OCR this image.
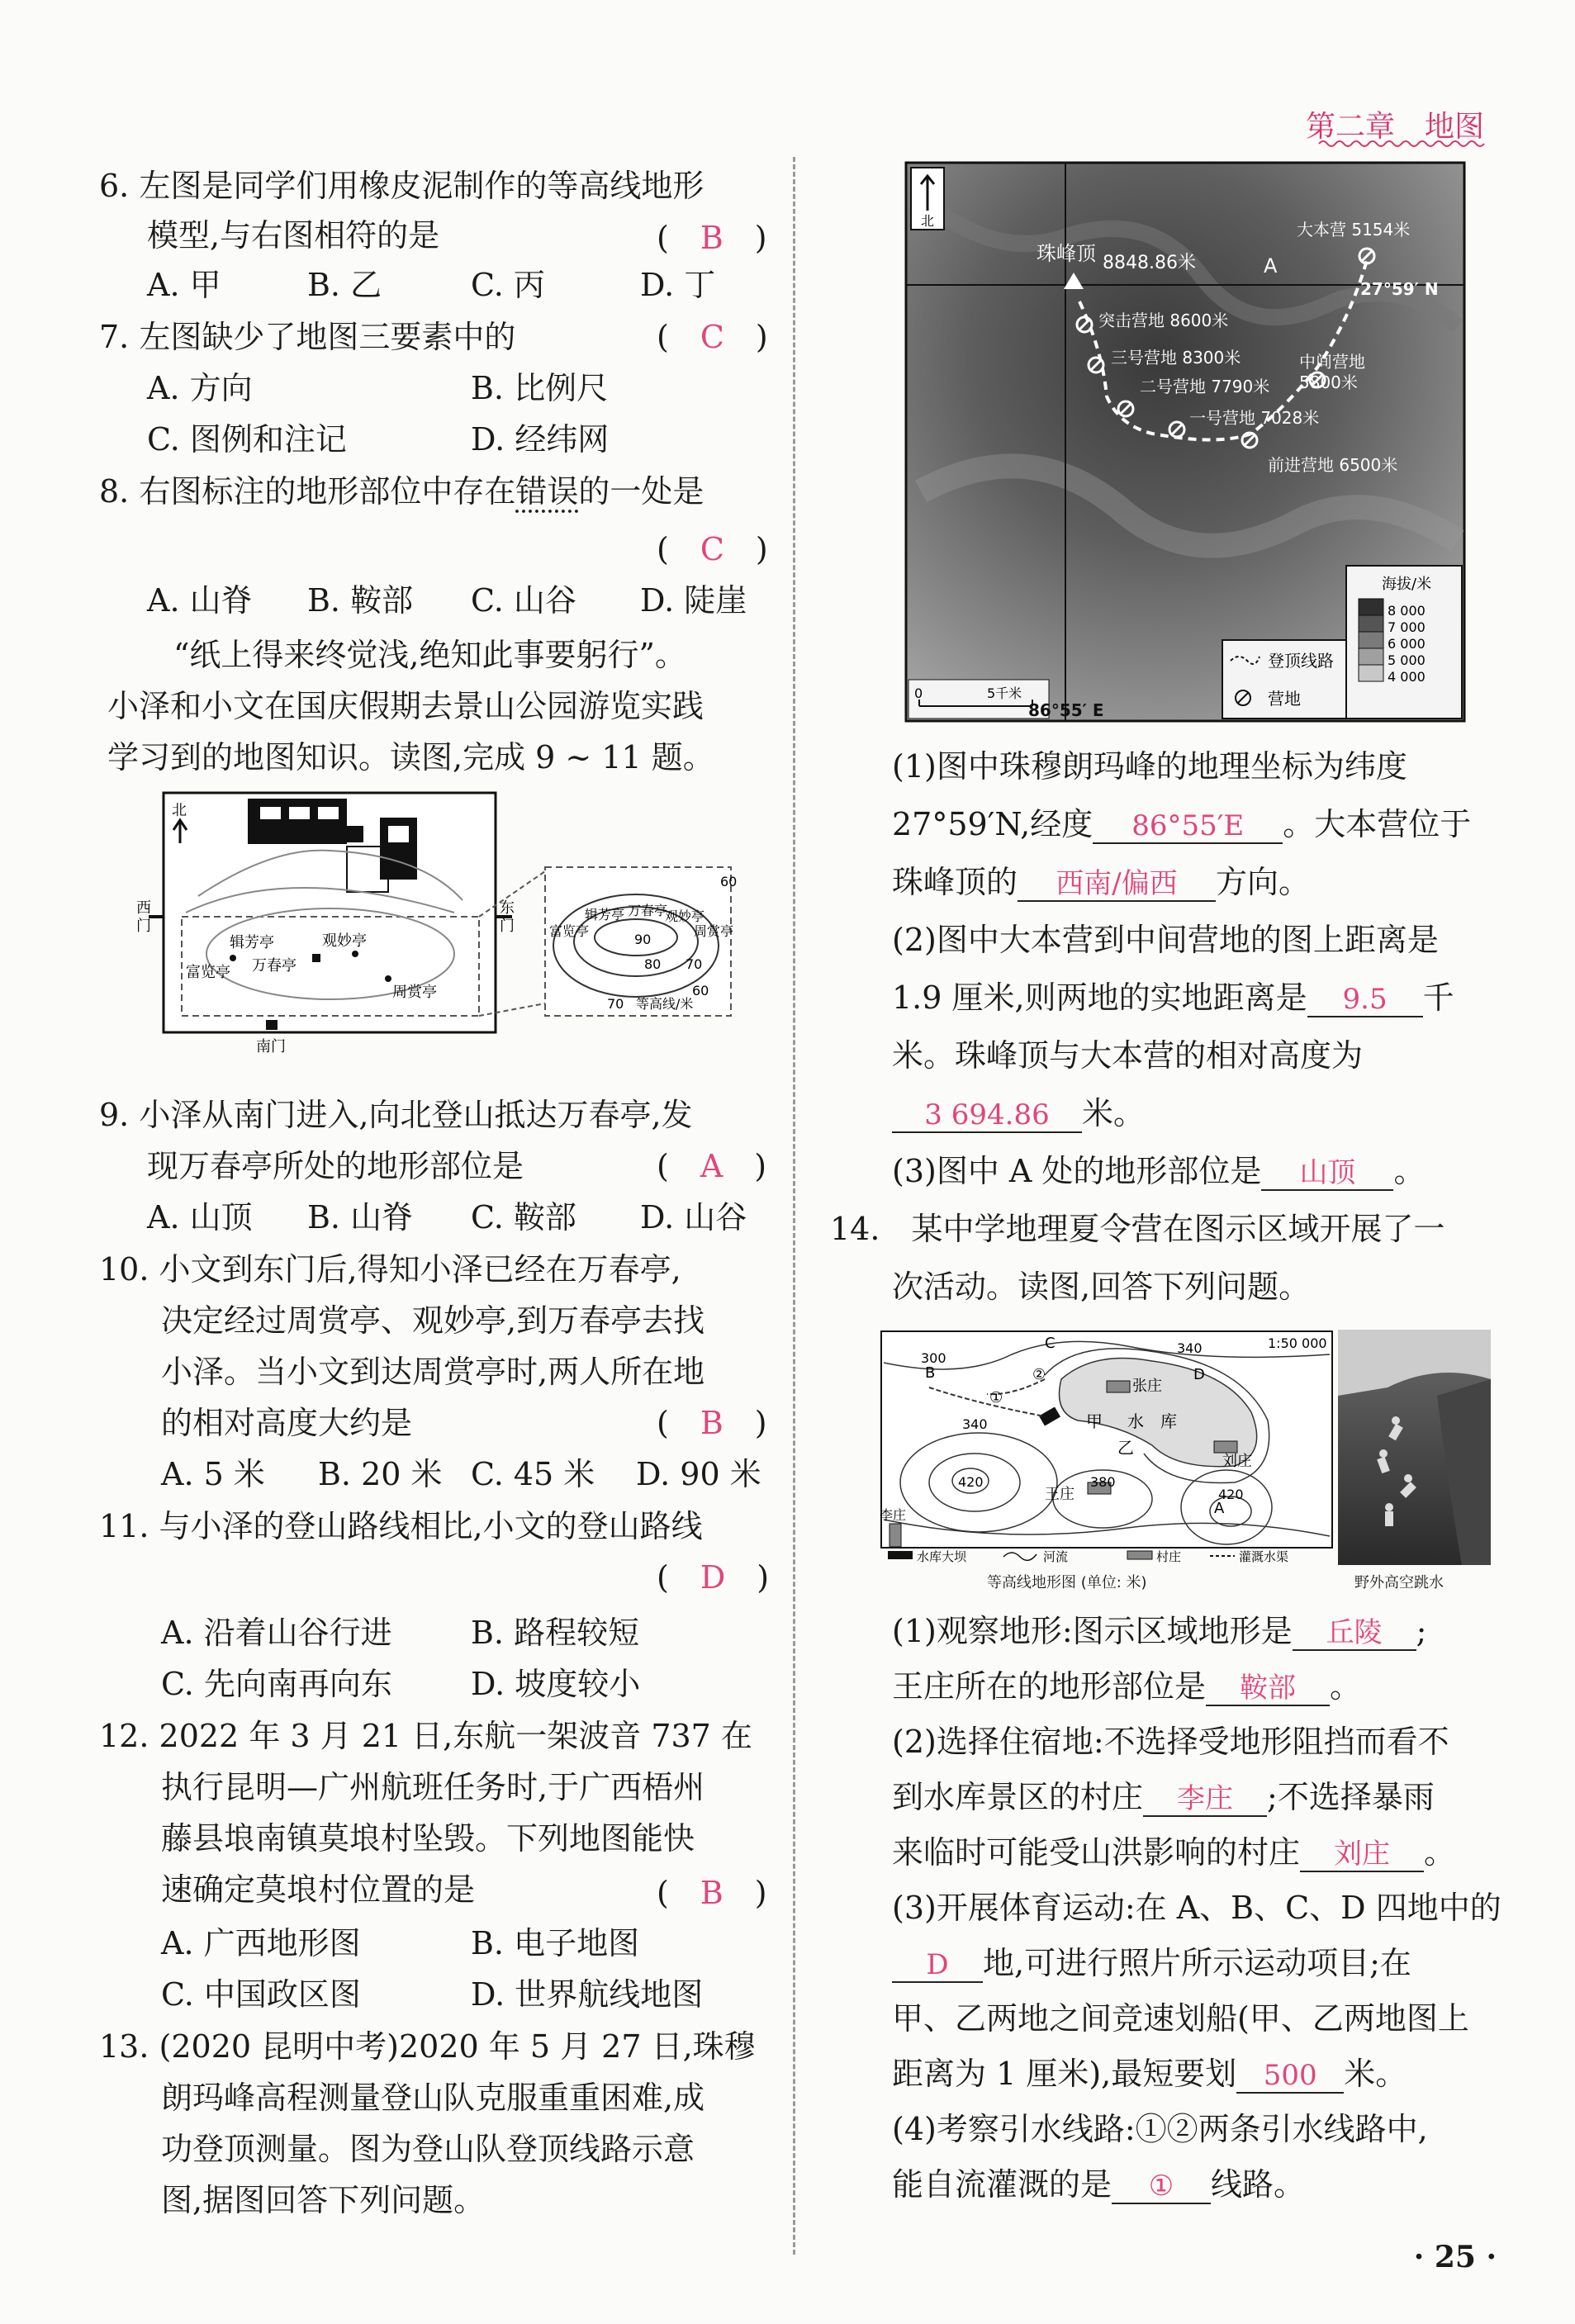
第二章　地图
6. 左图是同学们用橡皮泥制作的等高线地形
模型,与右图相符的是	(　B　)
A. 甲	B. 乙	C. 丙	D. 丁
7. 左图缺少了地图三要素中的	(　C　)
A. 方向	B. 比例尺
C. 图例和注记	D. 经纬网
8. 右图标注的地形部位中存在错误的一处是
(　C　)
A. 山脊 B. 鞍部 C. 山谷 D. 陡崖
“纸上得来终觉浅,绝知此事要躬行”。
小泽和小文在国庆假期去景山公园游览实践
学习到的地图知识。读图,完成 9 ~ 11 题。
北
西
门
东
门
南门
辑芳亭	观妙亭
万春亭
富览亭
周赏亭
富览亭
辑芳亭 万春亭
观妙亭
周赏亭
60
90
80 70
60
70 等高线/米
9. 小泽从南门进入,向北登山抵达万春亭,发
现万春亭所处的地形部位是	(　A　)
A. 山顶 B. 山脊 C. 鞍部 D. 山谷
10. 小文到东门后,得知小泽已经在万春亭,
决定经过周赏亭、观妙亭,到万春亭去找
小泽。当小文到达周赏亭时,两人所在地
的相对高度大约是	(　B　)
A. 5 米 B. 20 米 C. 45 米 D. 90 米
11. 与小泽的登山路线相比,小文的登山路线
(　D　)
A. 沿着山谷行进	B. 路程较短
C. 先向南再向东	D. 坡度较小
12. 2022 年 3 月 21 日,东航一架波音 737 在
执行昆明—广州航班任务时,于广西梧州
藤县埌南镇莫埌村坠毁。下列地图能快
速确定莫埌村位置的是	(　B　)
A. 广西地形图	B. 电子地图
C. 中国政区图	D. 世界航线地图
13. (2020 昆明中考)2020 年 5 月 27 日,珠穆
朗玛峰高程测量登山队克服重重困难,成
功登顶测量。图为登山队登顶线路示意
图,据图回答下列问题。
北
珠峰顶 8848.86米
大本营 5154米
A
27°59′ N
突击营地 8600米
三号营地 8300米
二号营地 7790米
一号营地 7028米
中间营地
5800米
前进营地 6500米
海拔/米
8 000
7 000
6 000
5 000
4 000
登顶线路
营地
0	5千米
86°55′ E
(1)图中珠穆朗玛峰的地理坐标为纬度
27°59′N,经度 86°55′E 。大本营位于
珠峰顶的 西南/偏西 方向。
(2)图中大本营到中间营地的图上距离是
1.9 厘米,则两地的实地距离是 9.5 千
米。珠峰顶与大本营的相对高度为
3 694.86 米。
(3)图中 A 处的地形部位是 山顶 。
14.　 某中学地理夏令营在图示区域开展了一
次活动。读图,回答下列问题。
1:50 000
张庄
甲 水 库
乙
刘庄
王庄
李庄
B
A
C
D
①
②
340
300
340
420	380
420
水库大坝	河流	村庄	灌溉水渠
等高线地形图 (单位: 米)	野外高空跳水
(1)观察地形:图示区域地形是 丘陵 ;
王庄所在的地形部位是 鞍部 。
(2)选择住宿地:不选择受地形阻挡而看不
到水库景区的村庄 李庄 ;不选择暴雨
来临时可能受山洪影响的村庄 刘庄 。
(3)开展体育运动:在 A、B、C、D 四地中的
D 地,可进行照片所示运动项目;在
甲、乙两地之间竞速划船(甲、乙两地图上
距离为 1 厘米),最短要划 500 米。
(4)考察引水线路:①②两条引水线路中,
能自流灌溉的是 ① 线路。
· 25 ·
